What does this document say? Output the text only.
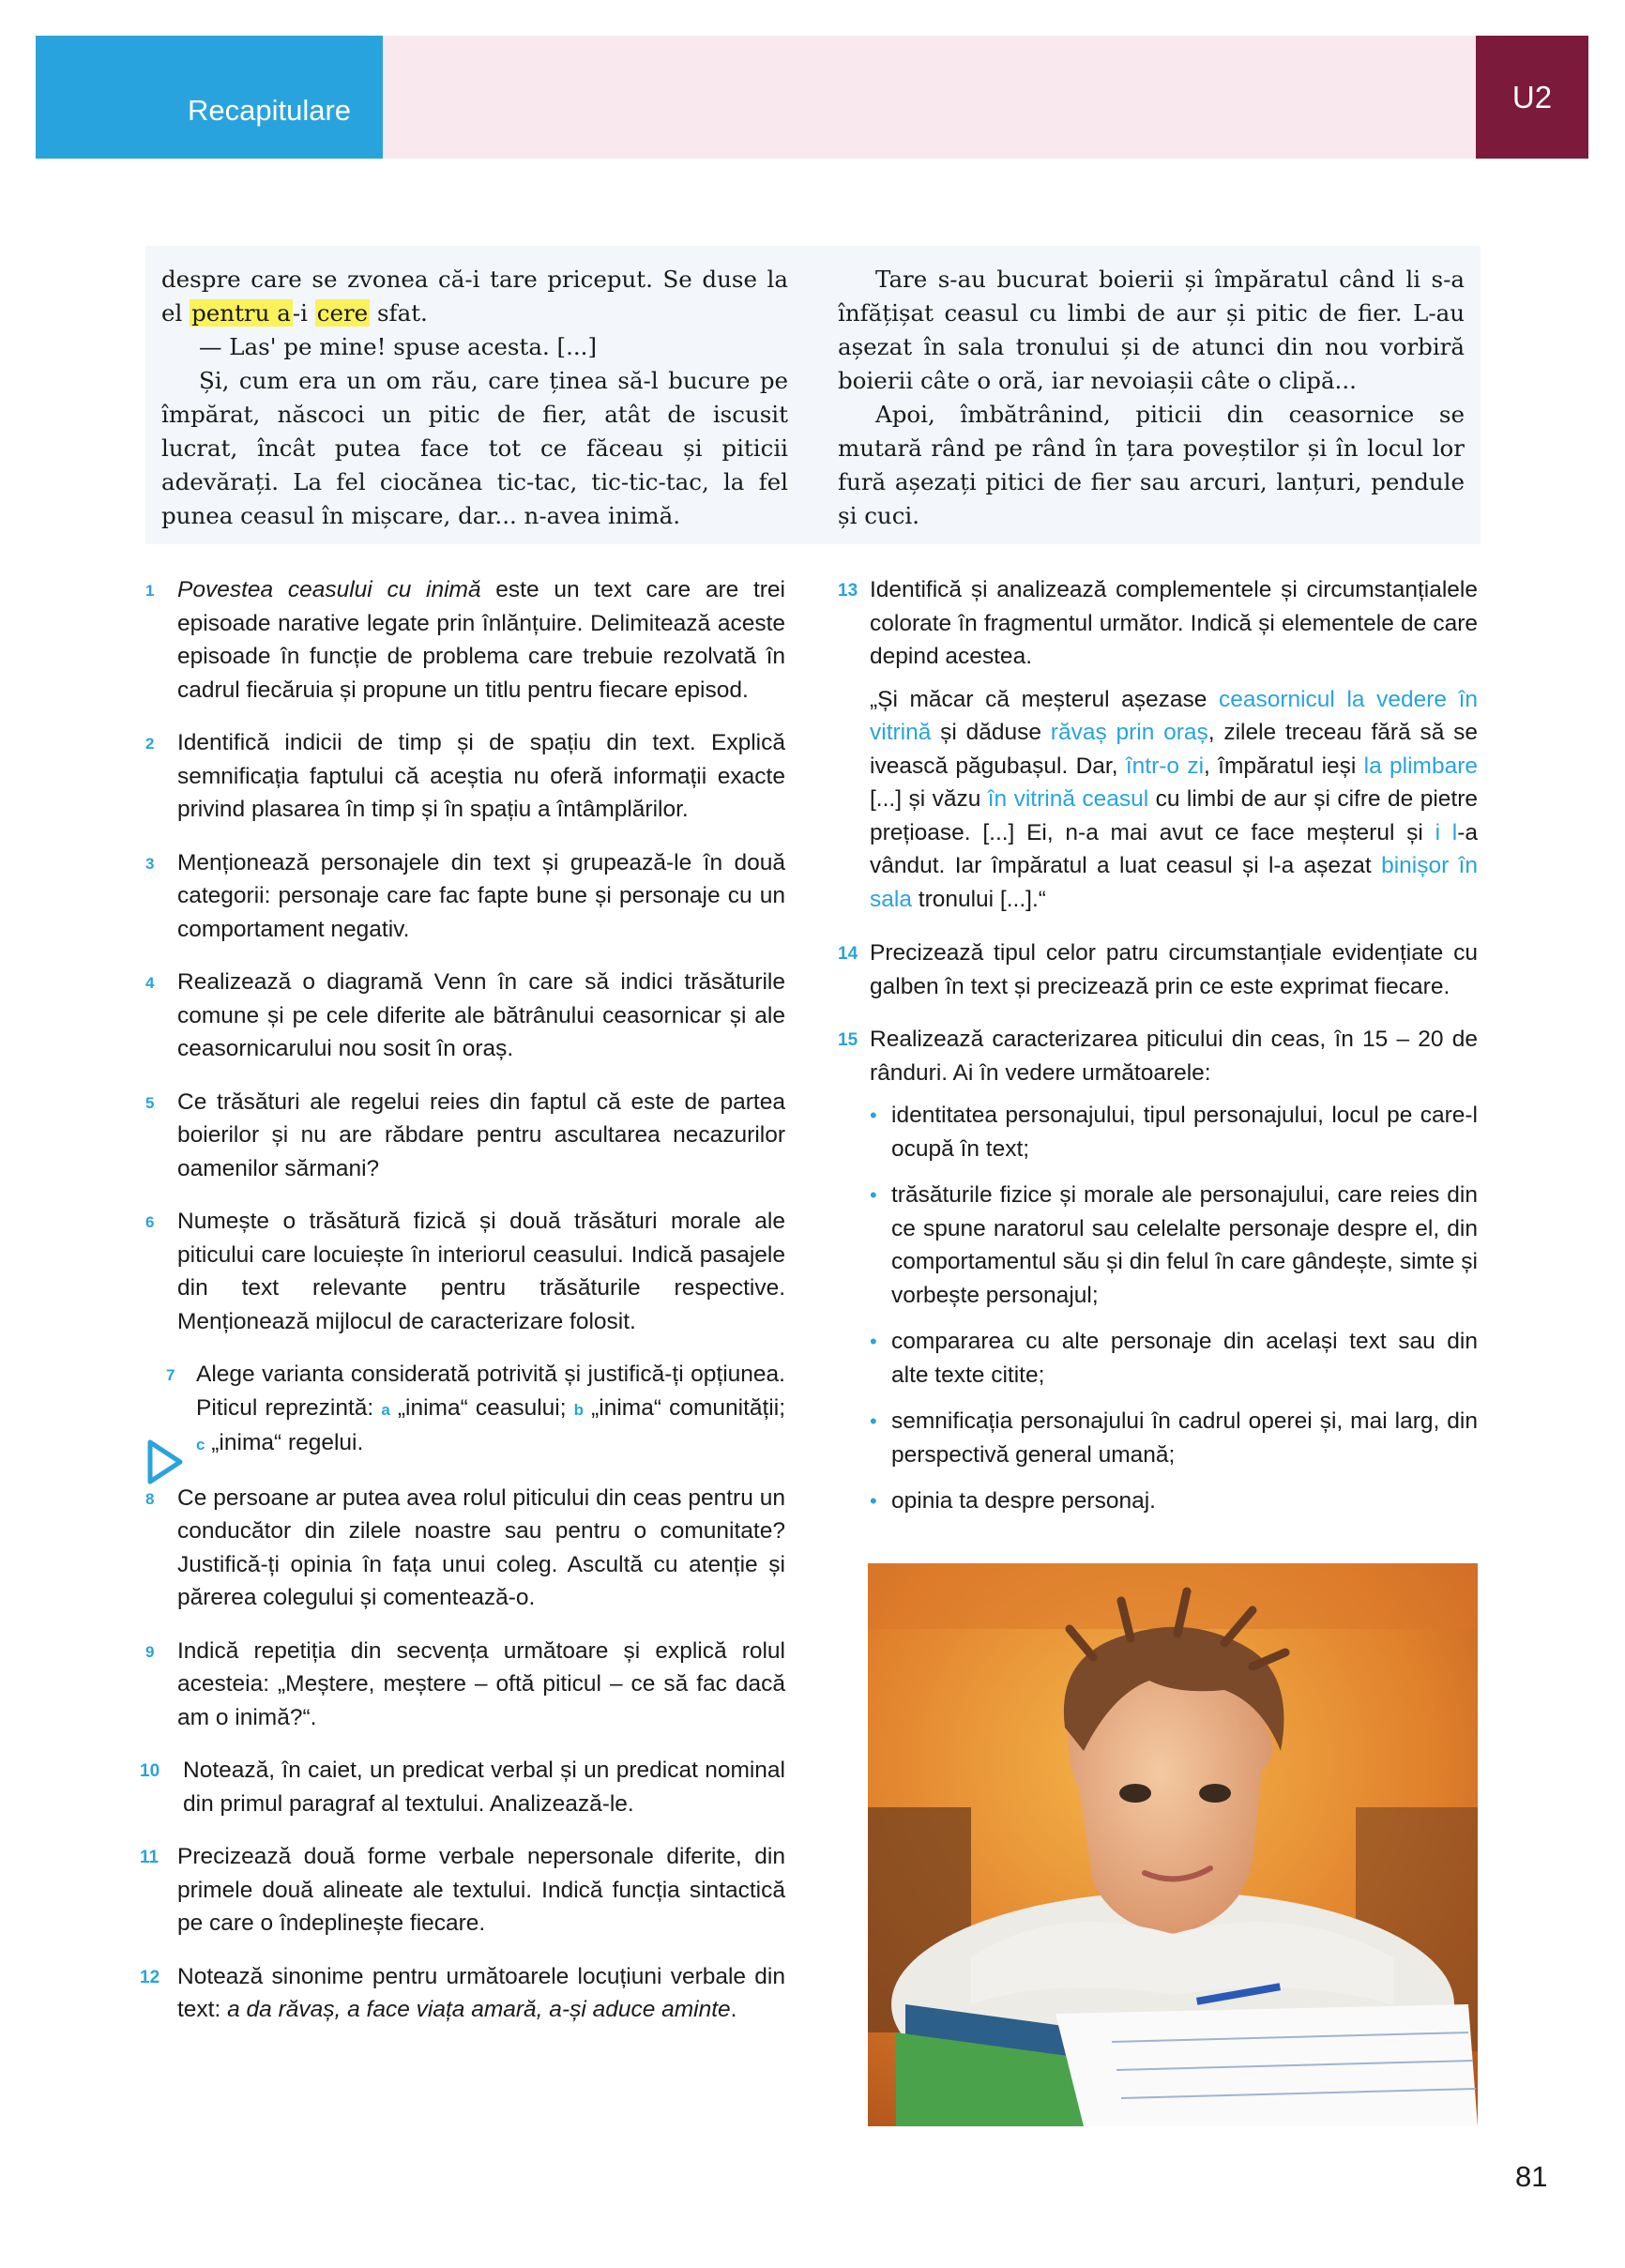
Recapitulare	U2

despre care se zvonea că-i tare priceput. Se duse la el pentru a-i cere sfat.

— Las' pe mine! spuse acesta. [...]

Și, cum era un om rău, care ținea să-l bucure pe împărat, născoci un pitic de fier, atât de iscusit lucrat, încât putea face tot ce făceau și piticii adevărați. La fel ciocănea tic-tac, tic-tic-tac, la fel punea ceasul în mișcare, dar... n-avea inimă.

Tare s-au bucurat boierii și împăratul când li s-a înfățișat ceasul cu limbi de aur și pitic de fier. L-au așezat în sala tronului și de atunci din nou vorbiră boierii câte o oră, iar nevoiașii câte o clipă...

Apoi, îmbătrânind, piticii din ceasornice se mutară rând pe rând în țara poveștilor și în locul lor fură așezați pitici de fier sau arcuri, lanțuri, pendule și cuci.

1 Povestea ceasului cu inimă este un text care are trei episoade narative legate prin înlănțuire. Delimitează aceste episoade în funcție de problema care trebuie rezolvată în cadrul fiecăruia și propune un titlu pentru fiecare episod.
2 Identifică indicii de timp și de spațiu din text. Explică semnificația faptului că aceștia nu oferă informații exacte privind plasarea în timp și în spațiu a întâmplărilor.
3 Menționează personajele din text și grupează-le în două categorii: personaje care fac fapte bune și personaje cu un comportament negativ.
4 Realizează o diagramă Venn în care să indici trăsăturile comune și pe cele diferite ale bătrânului ceasornicar și ale ceasornicarului nou sosit în oraș.
5 Ce trăsături ale regelui reies din faptul că este de partea boierilor și nu are răbdare pentru ascultarea necazurilor oamenilor sărmani?
6 Numește o trăsătură fizică și două trăsături morale ale piticului care locuiește în interiorul ceasului. Indică pasajele din text relevante pentru trăsăturile respective. Menționează mijlocul de caracterizare folosit.
7 Alege varianta considerată potrivită și justifică-ți opțiunea. Piticul reprezintă: a „inima“ ceasului; b „inima“ comunității; c „inima“ regelui.
8 Ce persoane ar putea avea rolul piticului din ceas pentru un conducător din zilele noastre sau pentru o comunitate? Justifică-ți opinia în fața unui coleg. Ascultă cu atenție și părerea colegului și comentează-o.
9 Indică repetiția din secvența următoare și explică rolul acesteia: „Meștere, meștere – oftă piticul – ce să fac dacă am o inimă?“.
10 Notează, în caiet, un predicat verbal și un predicat nominal din primul paragraf al textului. Analizează-le.
11 Precizează două forme verbale nepersonale diferite, din primele două alineate ale textului. Indică funcția sintactică pe care o îndeplinește fiecare.
12 Notează sinonime pentru următoarele locuțiuni verbale din text: a da răvaș, a face viața amară, a-și aduce aminte.
13 Identifică și analizează complementele și circumstanțialele colorate în fragmentul următor. Indică și elementele de care depind acestea.
„Și măcar că meșterul așezase ceasornicul la vedere în vitrină și dăduse răvaș prin oraș, zilele treceau fără să se ivească păgubașul. Dar, într-o zi, împăratul ieși la plimbare [...] și văzu în vitrină ceasul cu limbi de aur și cifre de pietre prețioase. [...] Ei, n-a mai avut ce face meșterul și i l-a vândut. Iar împăratul a luat ceasul și l-a așezat binișor în sala tronului [...].“
14 Precizează tipul celor patru circumstanțiale evidențiate cu galben în text și precizează prin ce este exprimat fiecare.
15 Realizează caracterizarea piticului din ceas, în 15 – 20 de rânduri. Ai în vedere următoarele:
• identitatea personajului, tipul personajului, locul pe care-l ocupă în text;
• trăsăturile fizice și morale ale personajului, care reies din ce spune naratorul sau celelalte personaje despre el, din comportamentul său și din felul în care gândește, simte și vorbește personajul;
• compararea cu alte personaje din același text sau din alte texte citite;
• semnificația personajului în cadrul operei și, mai larg, din perspectivă general umană;
• opinia ta despre personaj.
81
